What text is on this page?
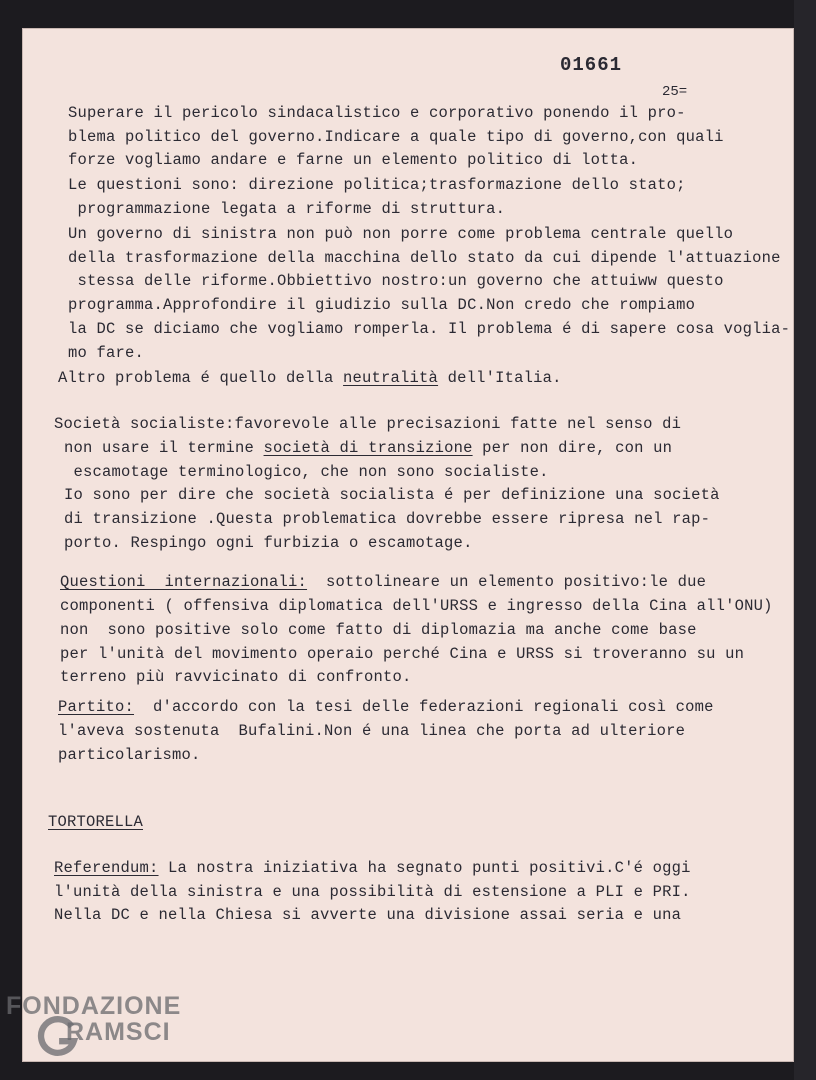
01661
25=
Superare il pericolo sindacalistico e corporativo ponendo il pro-
blema politico del governo.Indicare a quale tipo di governo,con quali
forze vogliamo andare e farne un elemento politico di lotta.
Le questioni sono: direzione politica;trasformazione dello stato;
programmazione legata a riforme di struttura.
Un governo di sinistra non può non porre come problema centrale quello
della trasformazione della macchina dello stato da cui dipende l'attuazione
stessa delle riforme.Obbiettivo nostro:un governo che attuiww questo
programma.Approfondire il giudizio sulla DC.Non credo che rompiamo
la DC se diciamo che vogliamo romperla. Il problema é di sapere cosa voglia-
mo fare.
Altro problema é quello della neutralità dell'Italia.
Società socialiste:favorevole alle precisazioni fatte nel senso di
non usare il termine società di transizione per non dire, con un
escamotage terminologico, che non sono socialiste.
Io sono per dire che società socialista é per definizione una società
di transizione .Questa problematica dovrebbe essere ripresa nel rap-
porto. Respingo ogni furbizia o escamotage.
Questioni  internazionali:  sottolineare un elemento positivo:le due
componenti ( offensiva diplomatica dell'URSS e ingresso della Cina all'ONU)
non  sono positive solo come fatto di diplomazia ma anche come base
per l'unità del movimento operaio perché Cina e URSS si troveranno su un
terreno più ravvicinato di confronto.
Partito:  d'accordo con la tesi delle federazioni regionali così come
l'aveva sostenuta  Bufalini.Non é una linea che porta ad ulteriore
particolarismo.
TORTORELLA
Referendum: La nostra iniziativa ha segnato punti positivi.C'é oggi
l'unità della sinistra e una possibilità di estensione a PLI e PRI.
Nella DC e nella Chiesa si avverte una divisione assai seria e una
FONDAZIONE
RAMSCI
